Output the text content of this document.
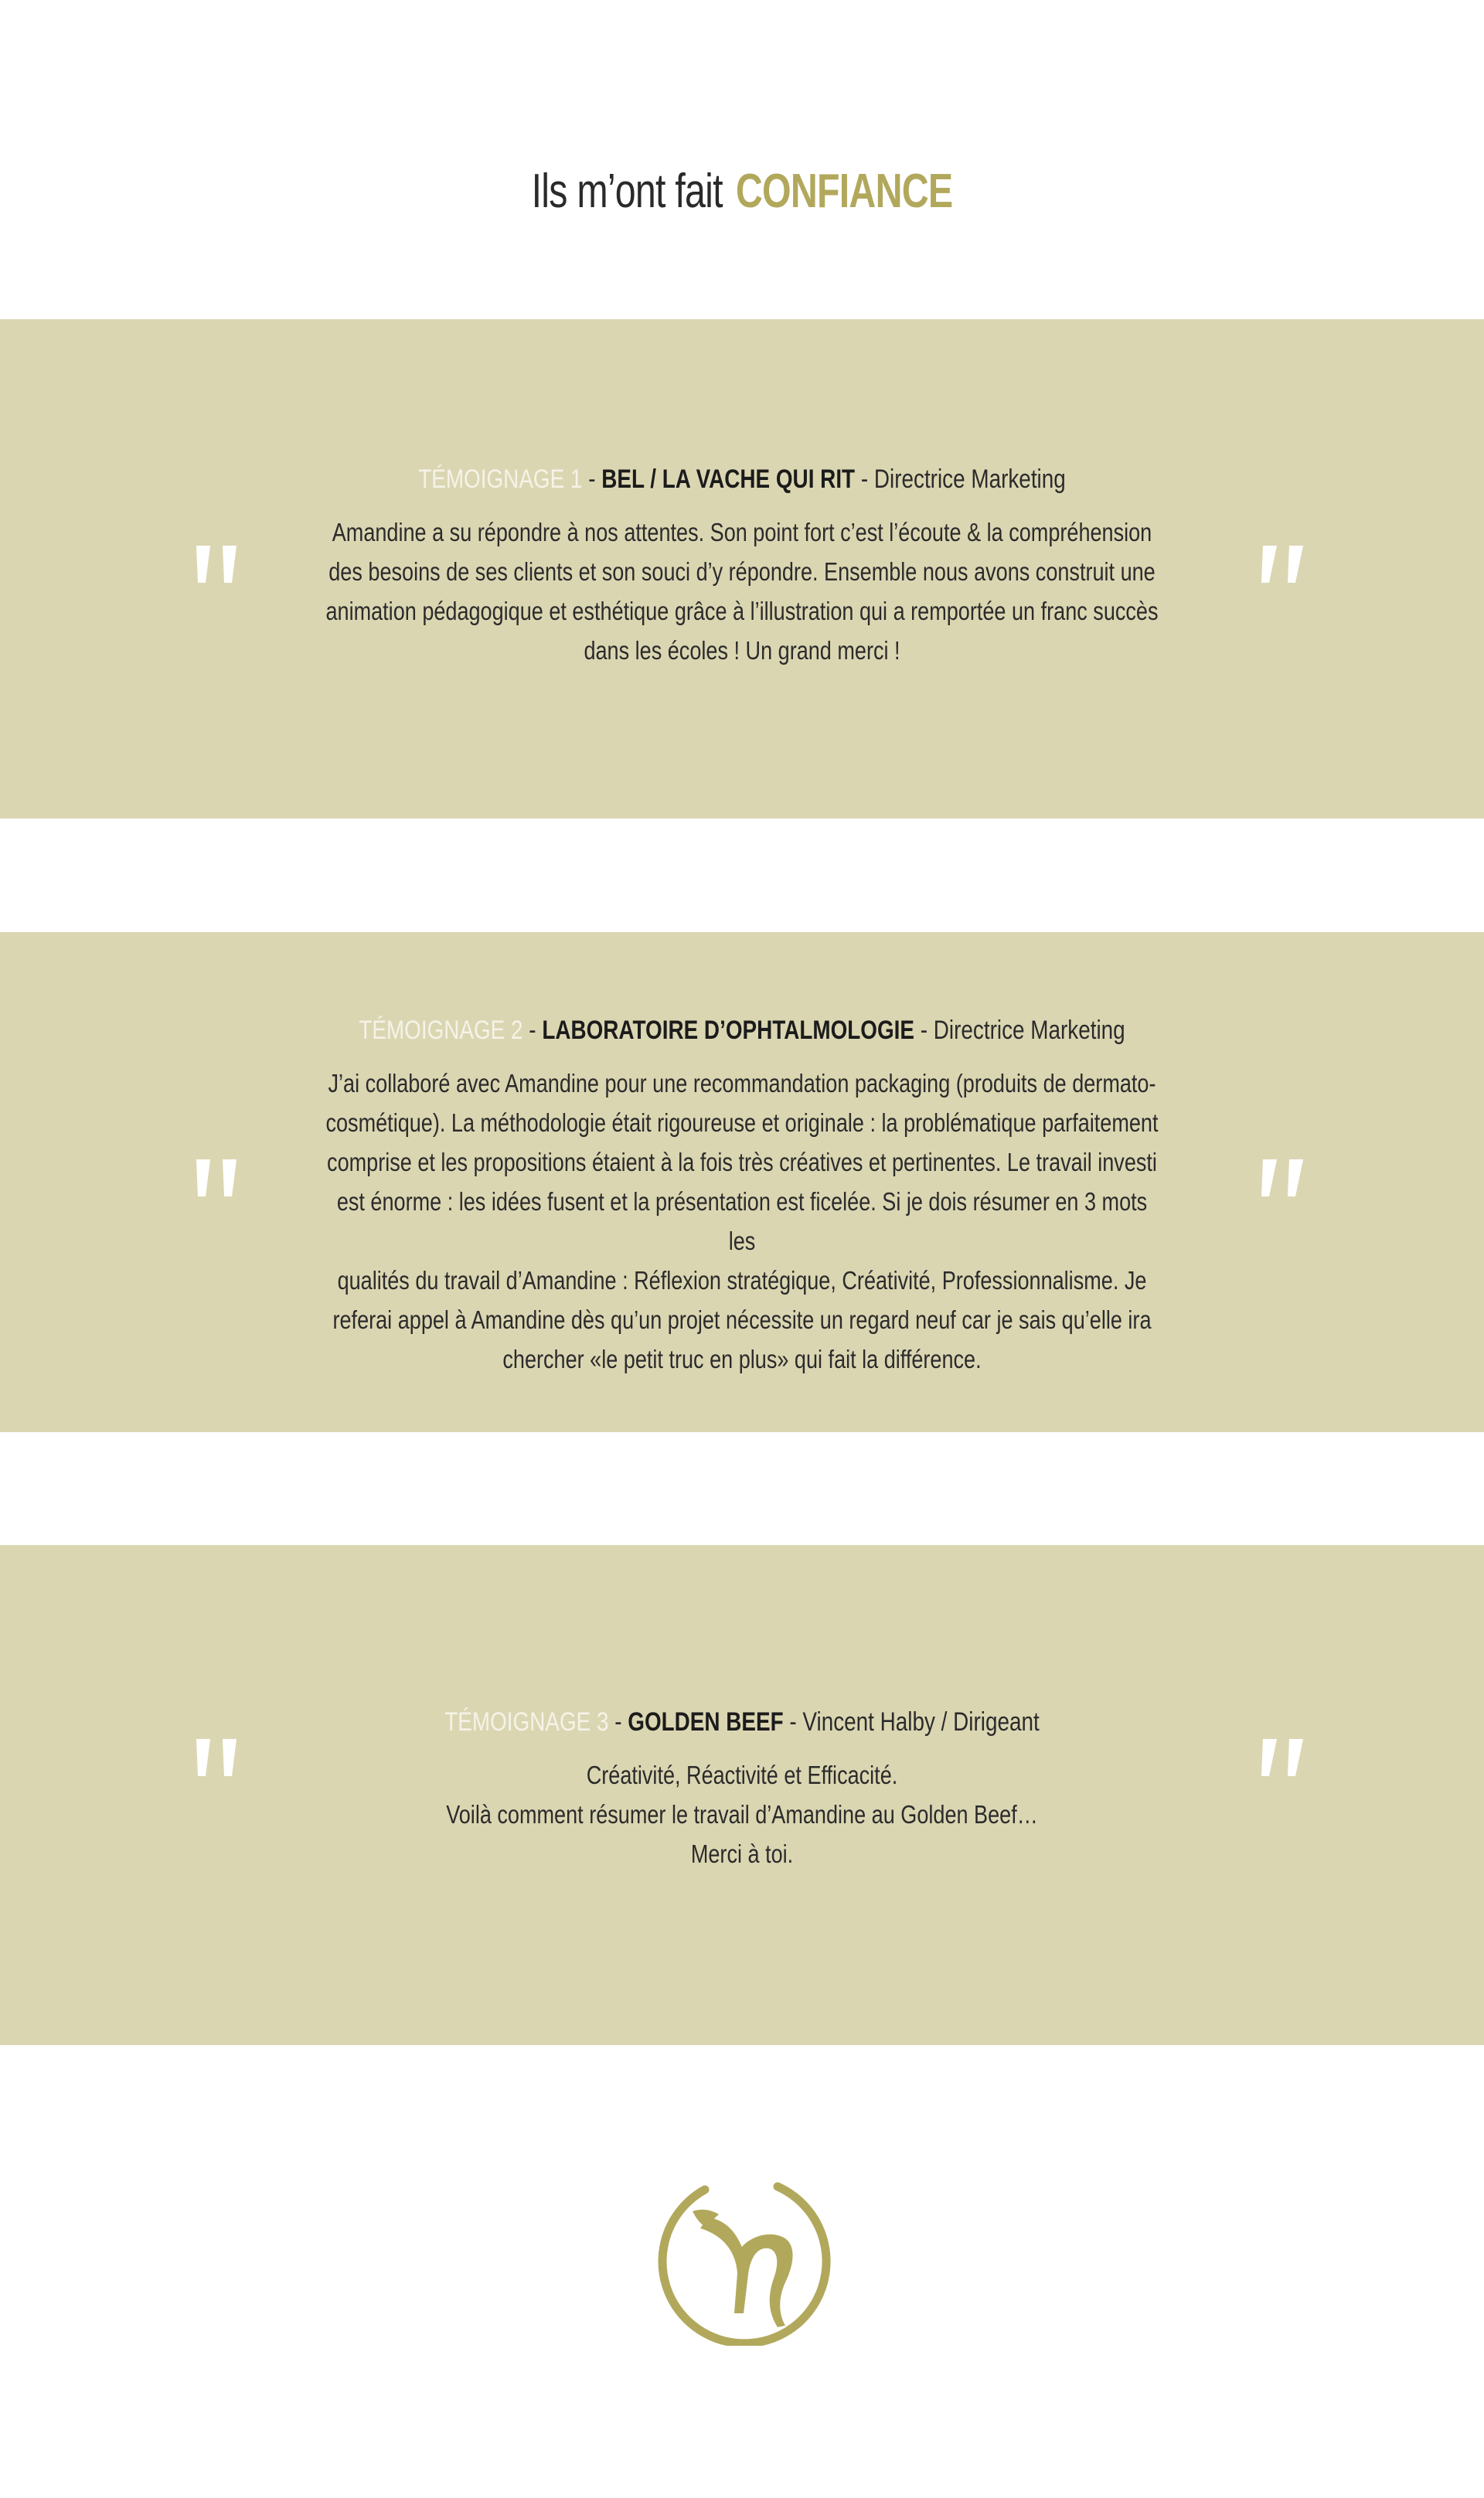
Ils m’ont fait CONFIANCE
TÉMOIGNAGE 1 - BEL / LA VACHE QUI RIT - Directrice Marketing
Amandine a su répondre à nos attentes. Son point fort c’est l’écoute & la compréhension
des besoins de ses clients et son souci d’y répondre. Ensemble nous avons construit une
animation pédagogique et esthétique grâce à l’illustration qui a remportée un franc succès
dans les écoles ! Un grand merci !
TÉMOIGNAGE 2 - LABORATOIRE D’OPHTALMOLOGIE - Directrice Marketing
J’ai collaboré avec Amandine pour une recommandation packaging (produits de dermato-
cosmétique). La méthodologie était rigoureuse et originale : la problématique parfaitement
comprise et les propositions étaient à la fois très créatives et pertinentes. Le travail investi
est énorme : les idées fusent et la présentation est ficelée. Si je dois résumer en 3 mots les
qualités du travail d’Amandine : Réflexion stratégique, Créativité, Professionnalisme. Je
referai appel à Amandine dès qu’un projet nécessite un regard neuf car je sais qu’elle ira
chercher «le petit truc en plus» qui fait la différence.
TÉMOIGNAGE 3 - GOLDEN BEEF - Vincent Halby / Dirigeant
Créativité, Réactivité et Efficacité.
Voilà comment résumer le travail d’Amandine au Golden Beef…
Merci à toi.
